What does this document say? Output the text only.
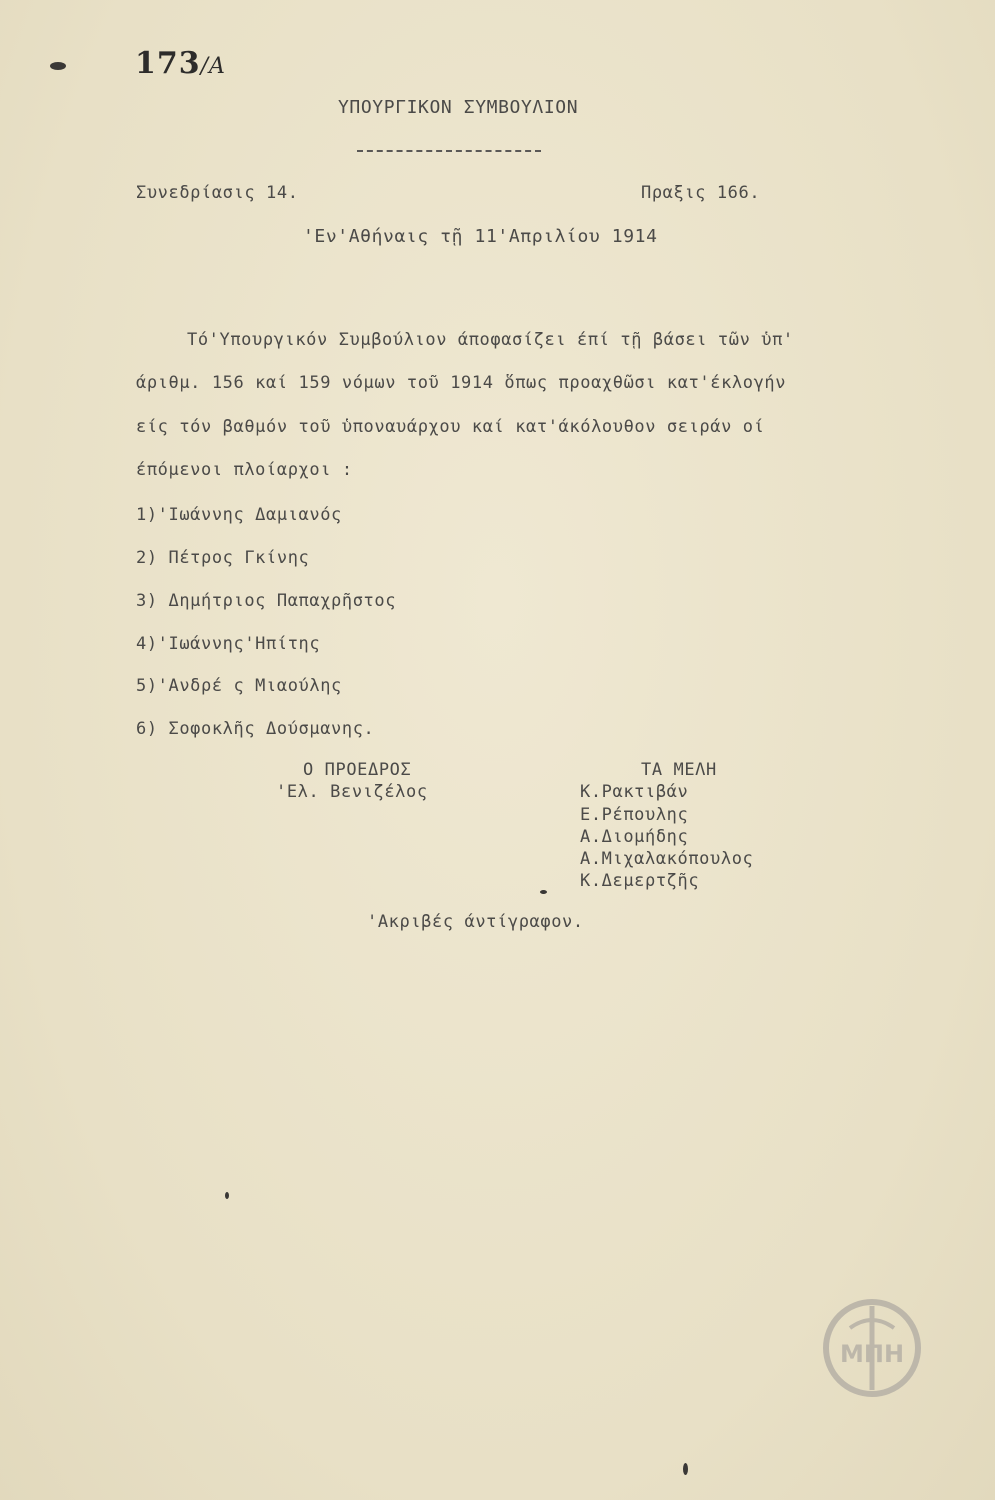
173/Α
ΥΠΟΥΡΓΙΚΟΝ ΣΥΜΒΟΥΛΙΟΝ
Συνεδρίασις 14.	Πραξις 166.
'Εν'Αθήναις τῇ 11'Απριλίου 1914
Τό'Υπουργικόν Συμβούλιον άποφασίζει έπί τῇ βάσει τῶν ὑπ'
άριθμ. 156 καί 159 νόμων τοῦ 1914 ὅπως προαχθῶσι κατ'έκλογήν
είς τόν βαθμόν τοῦ ὑποναυάρχου καί κατ'άκόλουθον σειράν οί
έπόμενοι πλοίαρχοι :
1)'Ιωάννης Δαμιανός
2) Πέτρος Γκίνης
3) Δημήτριος Παπαχρῆστος
4)'Ιωάννης'Ηπίτης
5)'Ανδρέ ς Μιαούλης
6) Σοφοκλῆς Δούσμανης.
Ο ΠΡΟΕΔΡΟΣ
'Ελ. Βενιζέλος
ΤΑ ΜΕΛΗ
Κ.Ρακτιβάν
Ε.Ρέπουλης
Α.Διομήδης
Α.Μιχαλακόπουλος
Κ.Δεμερτζῆς
'Ακριβές άντίγραφον.
ΜΠΗ
